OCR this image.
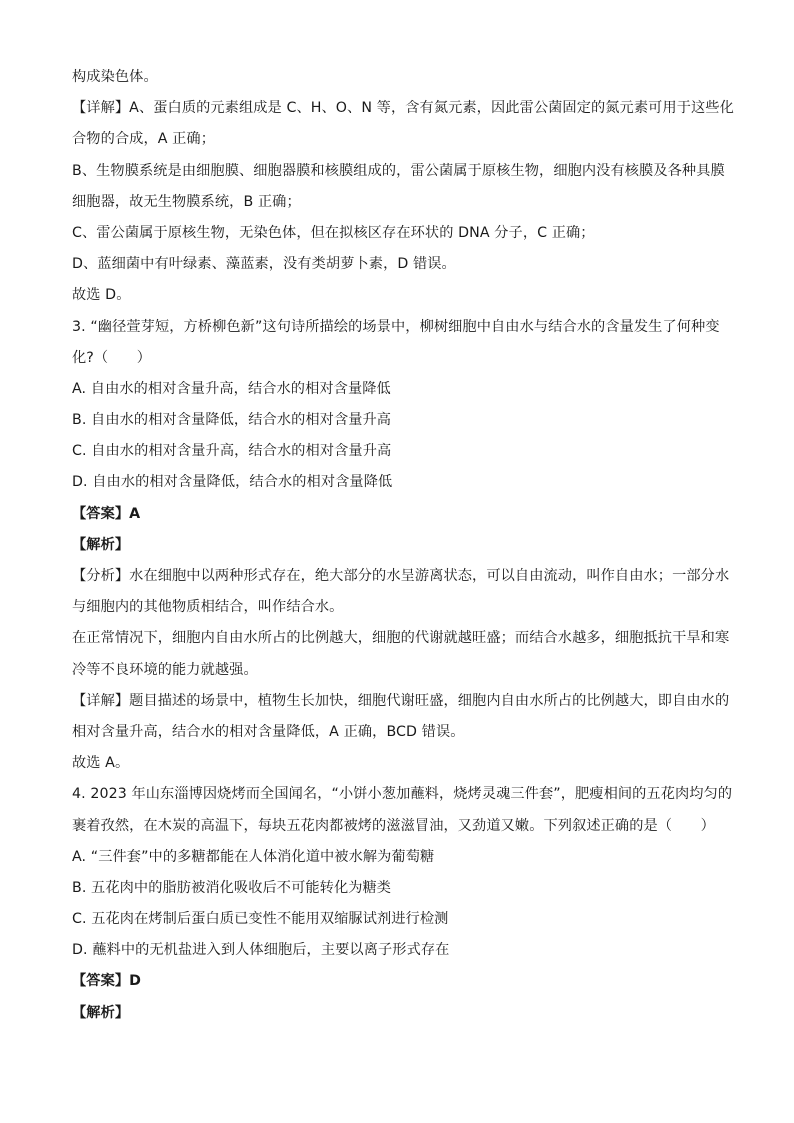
构成染色体。
【详解】A、蛋白质的元素组成是 C、H、O、N 等，含有氮元素，因此雷公菌固定的氮元素可用于这些化
合物的合成，A 正确；
B、生物膜系统是由细胞膜、细胞器膜和核膜组成的，雷公菌属于原核生物，细胞内没有核膜及各种具膜
细胞器，故无生物膜系统，B 正确；
C、雷公菌属于原核生物，无染色体，但在拟核区存在环状的 DNA 分子，C 正确；
D、蓝细菌中有叶绿素、藻蓝素，没有类胡萝卜素，D 错误。
故选 D。
3. “幽径萱芽短，方桥柳色新”这句诗所描绘的场景中，柳树细胞中自由水与结合水的含量发生了何种变
化?（　　）
A. 自由水的相对含量升高，结合水的相对含量降低
B. 自由水的相对含量降低，结合水的相对含量升高
C. 自由水的相对含量升高，结合水的相对含量升高
D. 自由水的相对含量降低，结合水的相对含量降低
【答案】A
【解析】
【分析】水在细胞中以两种形式存在，绝大部分的水呈游离状态，可以自由流动，叫作自由水；一部分水
与细胞内的其他物质相结合，叫作结合水。
在正常情况下，细胞内自由水所占的比例越大，细胞的代谢就越旺盛；而结合水越多，细胞抵抗干旱和寒
冷等不良环境的能力就越强。
【详解】题目描述的场景中，植物生长加快，细胞代谢旺盛，细胞内自由水所占的比例越大，即自由水的
相对含量升高，结合水的相对含量降低，A 正确，BCD 错误。
故选 A。
4. 2023 年山东淄博因烧烤而全国闻名，“小饼小葱加蘸料，烧烤灵魂三件套”，肥瘦相间的五花肉均匀的
裹着孜然，在木炭的高温下，每块五花肉都被烤的滋滋冒油，又劲道又嫩。下列叙述正确的是（　　）
A. “三件套”中的多糖都能在人体消化道中被水解为葡萄糖
B. 五花肉中的脂肪被消化吸收后不可能转化为糖类
C. 五花肉在烤制后蛋白质已变性不能用双缩脲试剂进行检测
D. 蘸料中的无机盐进入到人体细胞后，主要以离子形式存在
【答案】D
【解析】
